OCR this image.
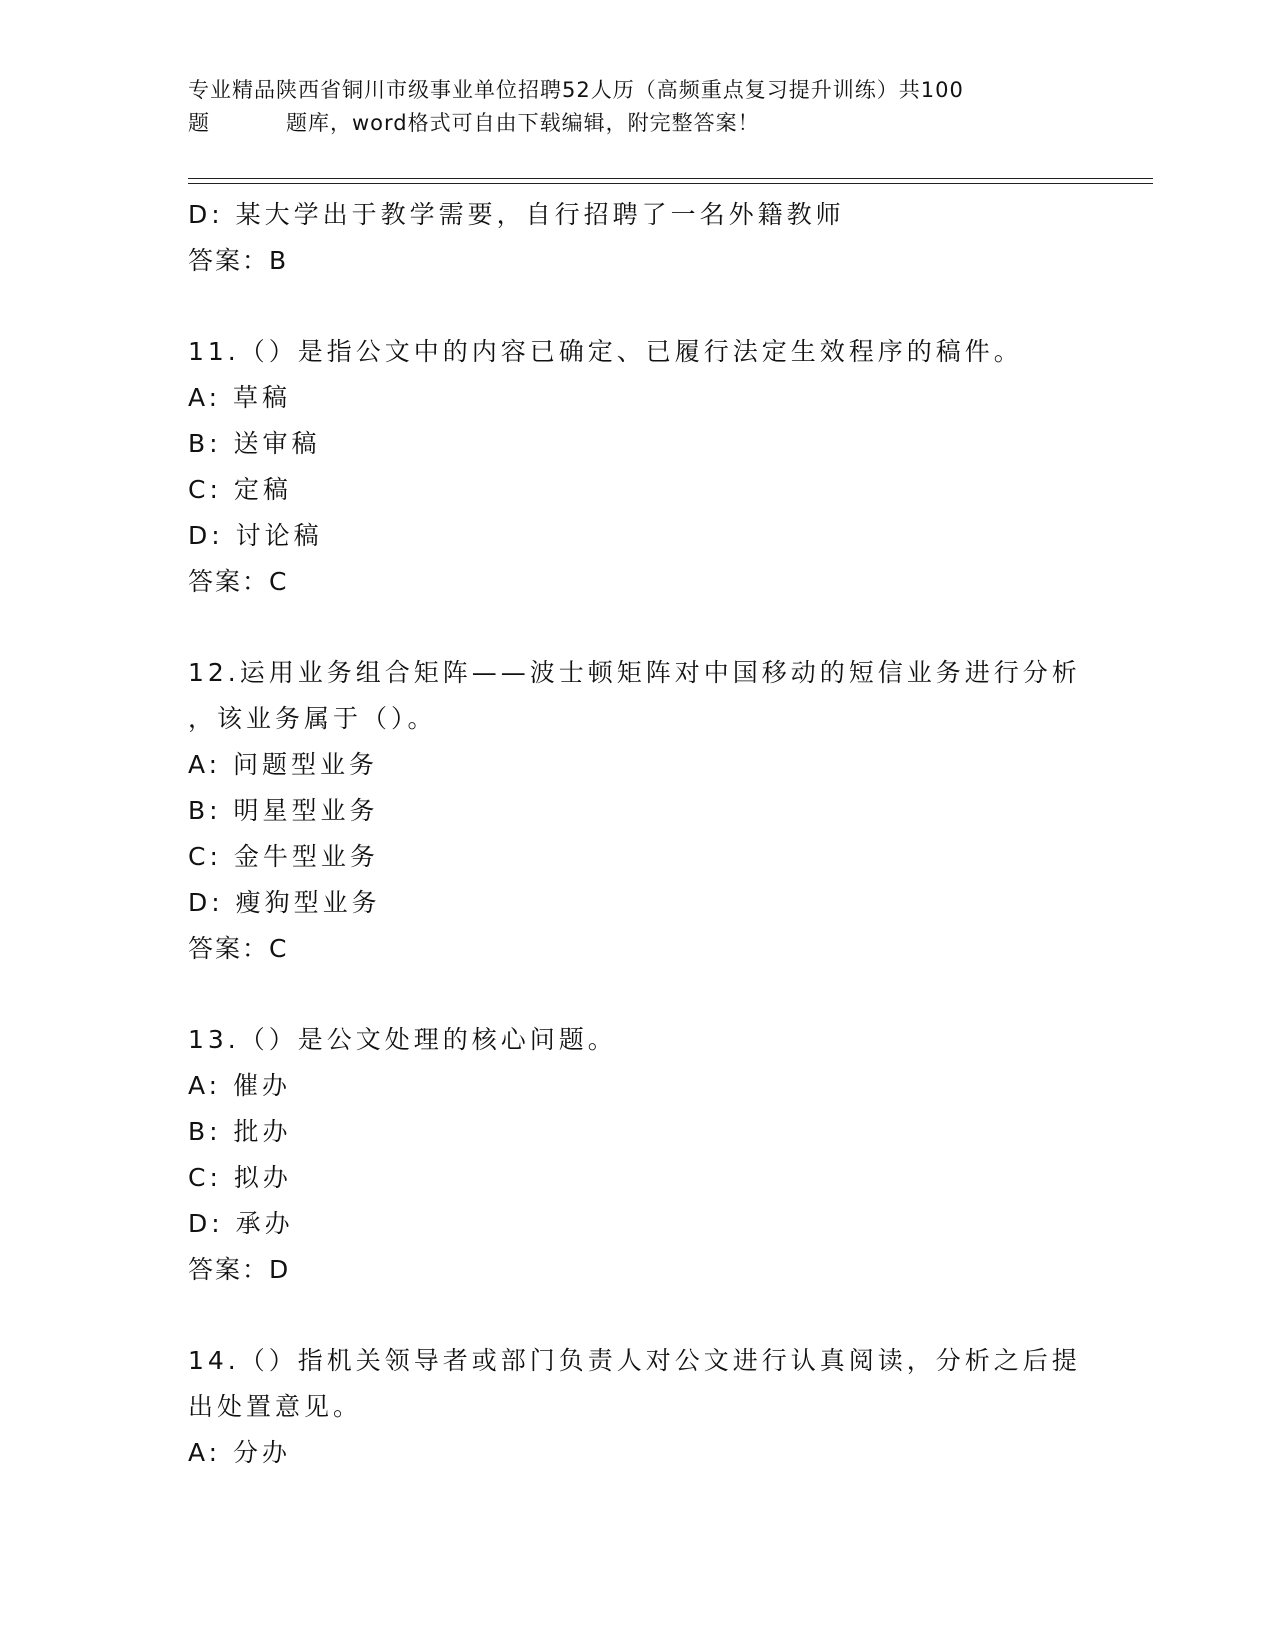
专业精品陕西省铜川市级事业单位招聘52人历（高频重点复习提升训练）共100
题	题库，word格式可自由下载编辑，附完整答案！
D: 某大学出于教学需要，自行招聘了一名外籍教师
答案：B
11.（）是指公文中的内容已确定、已履行法定生效程序的稿件。
A: 草稿
B: 送审稿
C: 定稿
D: 讨论稿
答案：C
12.运用业务组合矩阵——波士顿矩阵对中国移动的短信业务进行分析
，该业务属于（）。
A: 问题型业务
B: 明星型业务
C: 金牛型业务
D: 瘦狗型业务
答案：C
13.（）是公文处理的核心问题。
A: 催办
B: 批办
C: 拟办
D: 承办
答案：D
14.（）指机关领导者或部门负责人对公文进行认真阅读，分析之后提
出处置意见。
A: 分办
